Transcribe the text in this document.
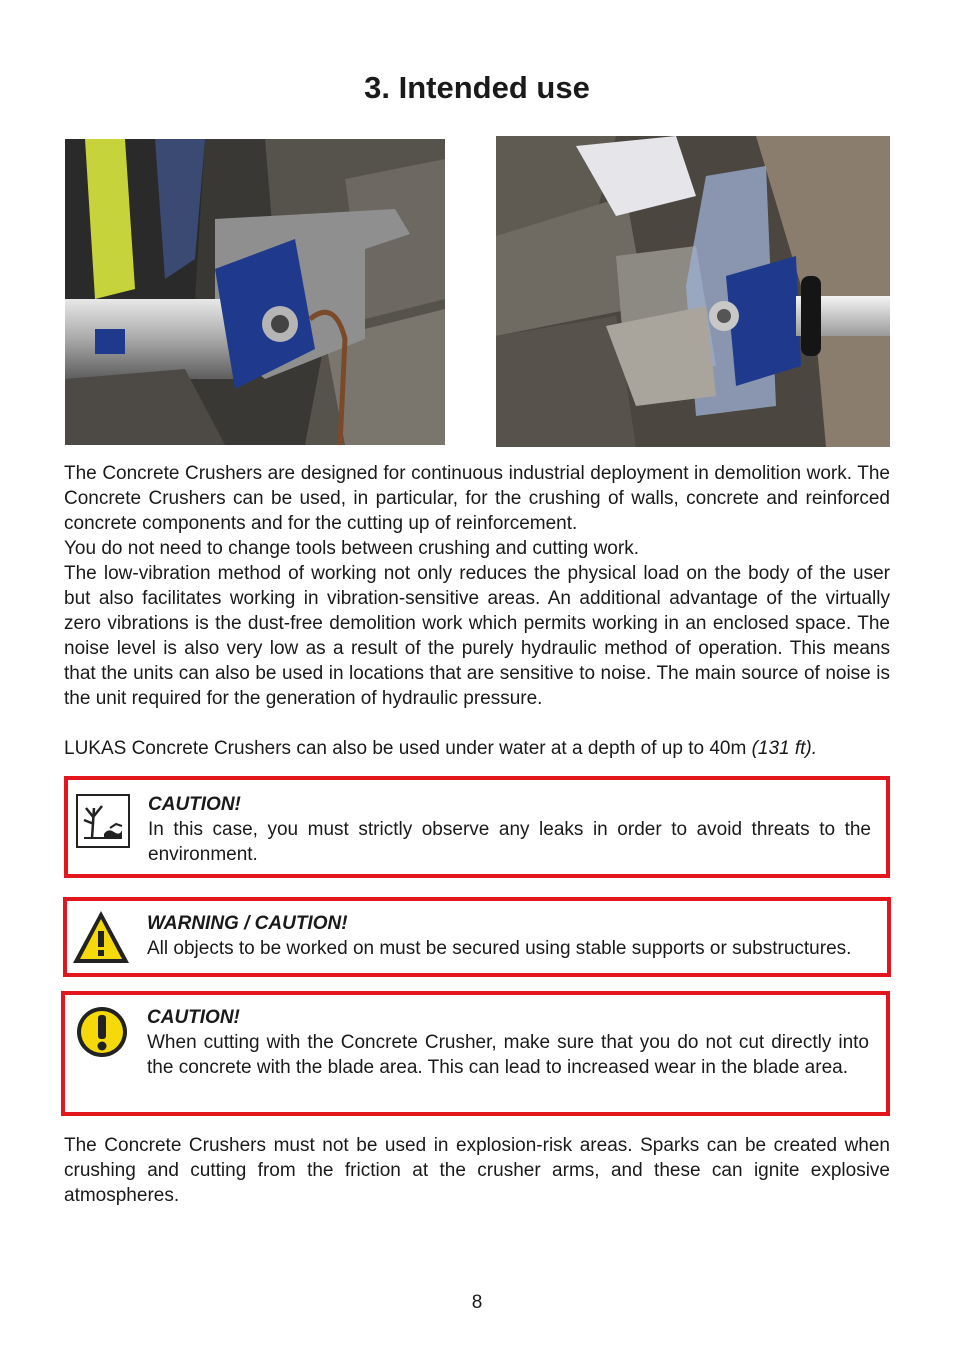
3. Intended use

The Concrete Crushers are designed for continuous industrial deployment in demolition work. The Concrete Crushers can be used, in particular, for the crushing of walls, concrete and reinforced concrete components and for the cutting up of reinforcement.

You do not need to change tools between crushing and cutting work.

The low-vibration method of working not only reduces the physical load on the body of the user but also facilitates working in vibration-sensitive areas. An additional advantage of the virtually zero vibrations is the dust-free demolition work which permits working in an enclosed space. The noise level is also very low as a result of the purely hydraulic method of operation. This means that the units can also be used in locations that are sensitive to noise. The main source of noise is the unit required for the generation of hydraulic pressure.

LUKAS Concrete Crushers can also be used under water at a depth of up to 40m (131 ft).
CAUTION!
In this case, you must strictly observe any leaks in order to avoid threats to the environment.
WARNING / CAUTION!
All objects to be worked on must be secured using stable supports or substructures.
CAUTION!
When cutting with the Concrete Crusher, make sure that you do not cut directly into the concrete with the blade area. This can lead to increased wear in the blade area.
The Concrete Crushers must not be used in explosion-risk areas. Sparks can be created when crushing and cutting from the friction at the crusher arms, and these can ignite explosive atmospheres.
8
